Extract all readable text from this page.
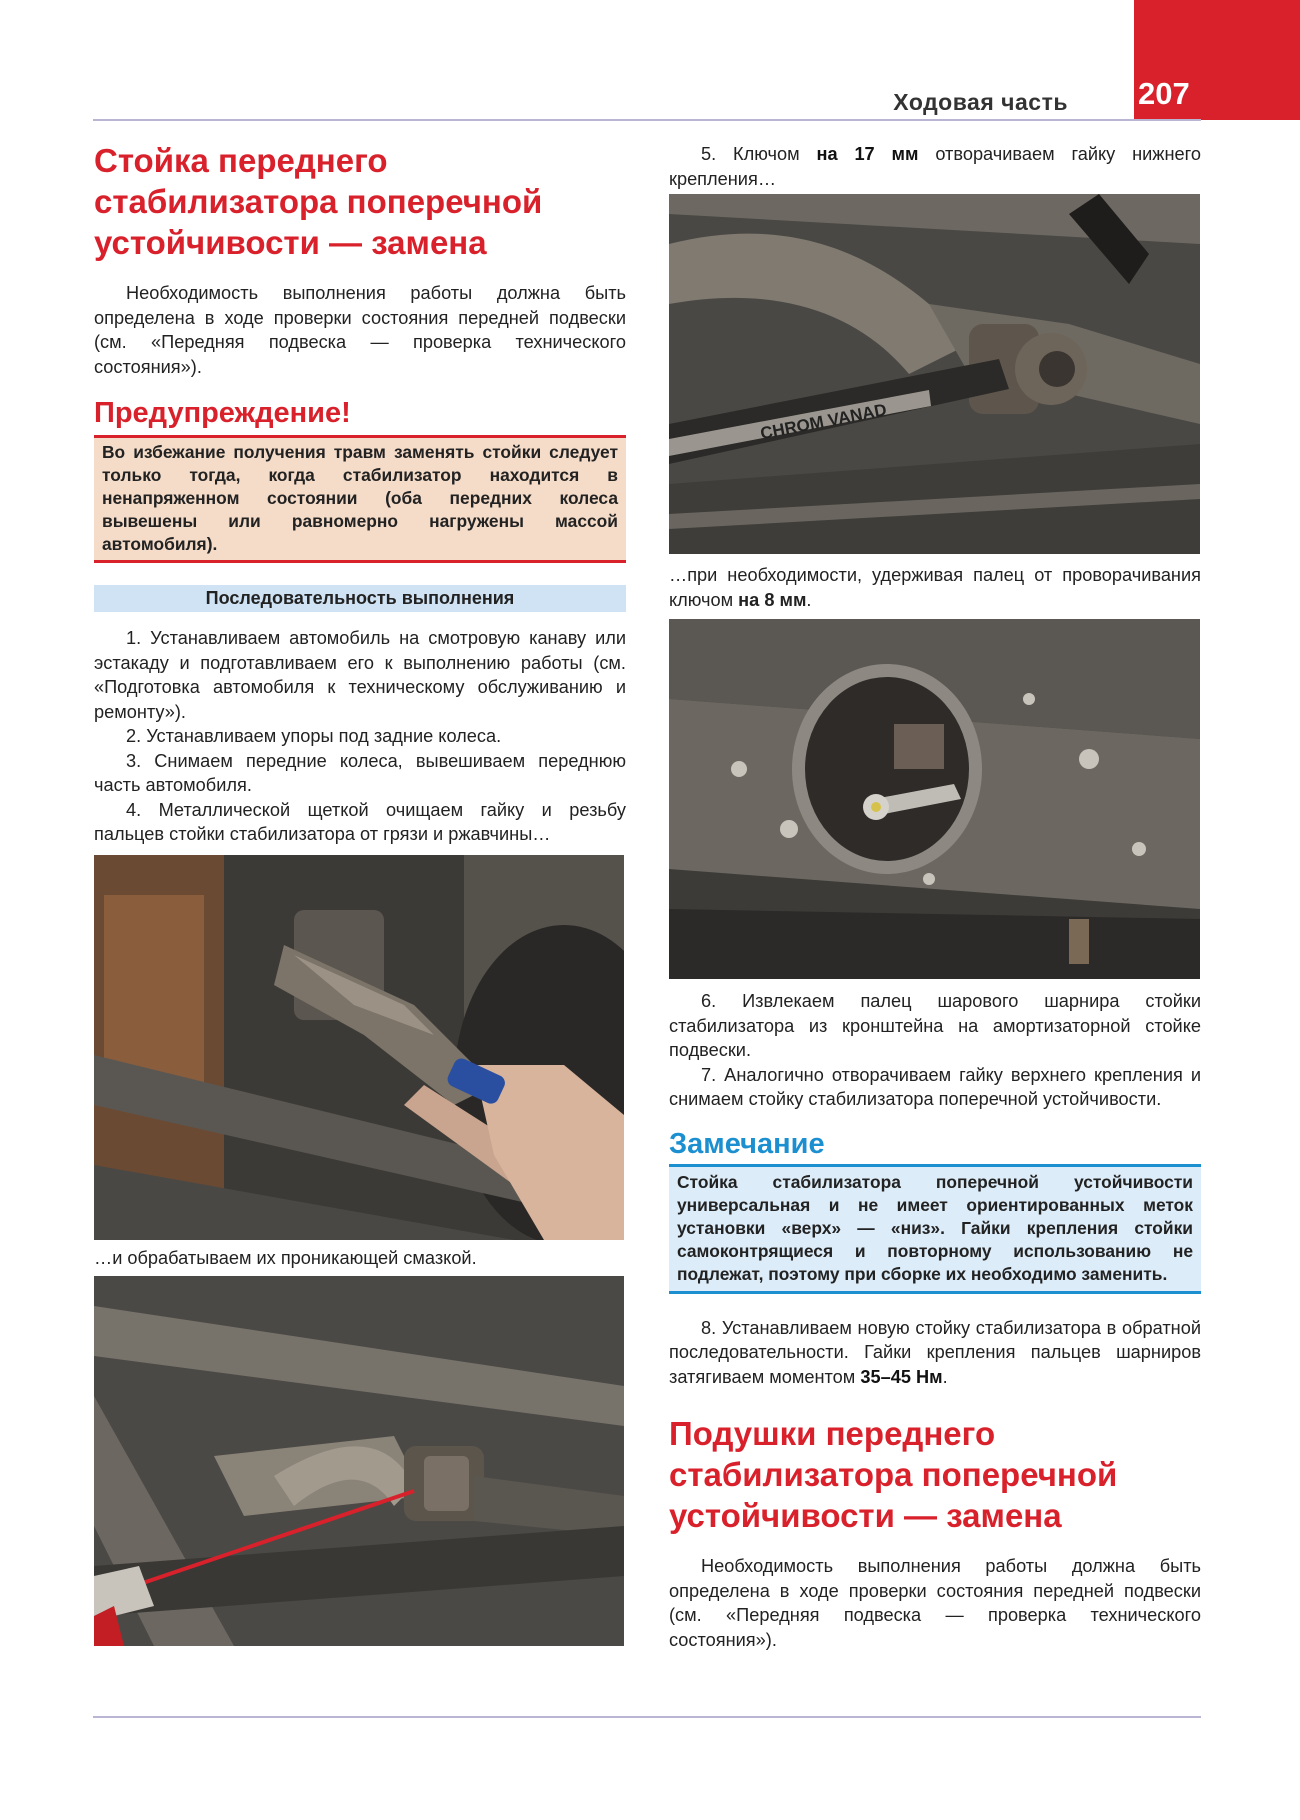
207
Ходовая часть
Стойка переднего стабилизатора поперечной устойчивости — замена

Необходимость выполнения работы должна быть определена в ходе проверки состояния передней подвески (см. «Передняя подвеска — проверка технического состояния»).

Предупреждение!
Во избежание получения травм заменять стойки следует только тогда, когда стабилизатор находится в ненапряженном состоянии (оба передних колеса вывешены или равномерно нагружены массой автомобиля).
Последовательность выполнения

1. Устанавливаем автомобиль на смотровую канаву или эстакаду и подготавливаем его к выполнению работы (см. «Подготовка автомобиля к техническому обслуживанию и ремонту»).

2. Устанавливаем упоры под задние колеса.

3. Снимаем передние колеса, вывешиваем переднюю часть автомобиля.

4. Металлической щеткой очищаем гайку и резьбу пальцев стойки стабилизатора от грязи и ржавчины…

…и обрабатываем их проникающей смазкой.

5. Ключом на 17 мм отворачиваем гайку нижнего крепления…

CHROM VANAD

…при необходимости, удерживая палец от проворачивания ключом на 8 мм.

6. Извлекаем палец шарового шарнира стойки стабилизатора из кронштейна на амортизаторной стойке подвески.

7. Аналогично отворачиваем гайку верхнего крепления и снимаем стойку стабилизатора поперечной устойчивости.

Замечание
Стойка стабилизатора поперечной устойчивости универсальная и не имеет ориентированных меток установки «верх» — «низ». Гайки крепления стойки самоконтрящиеся и повторному использованию не подлежат, поэтому при сборке их необходимо заменить.

8. Устанавливаем новую стойку стабилизатора в обратной последовательности. Гайки крепления пальцев шарниров затягиваем моментом 35–45 Нм.

Подушки переднего стабилизатора поперечной устойчивости — замена

Необходимость выполнения работы должна быть определена в ходе проверки состояния передней подвески (см. «Передняя подвеска — проверка технического состояния»).
